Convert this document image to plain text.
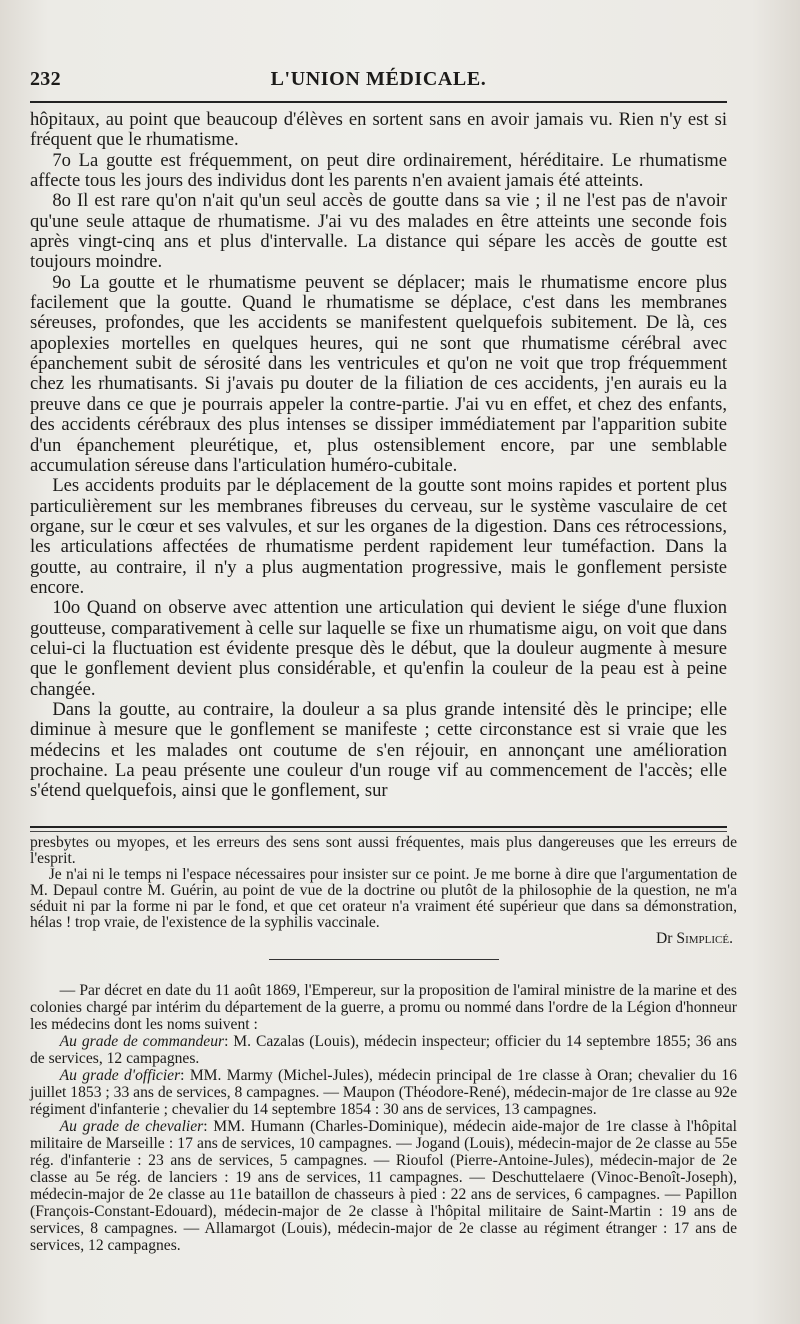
232	L'UNION MÉDICALE.

hôpitaux, au point que beaucoup d'élèves en sortent sans en avoir jamais vu. Rien n'y est si fréquent que le rhumatisme.

7o La goutte est fréquemment, on peut dire ordinairement, héréditaire. Le rhumatisme affecte tous les jours des individus dont les parents n'en avaient jamais été atteints.

8o Il est rare qu'on n'ait qu'un seul accès de goutte dans sa vie ; il ne l'est pas de n'avoir qu'une seule attaque de rhumatisme. J'ai vu des malades en être atteints une seconde fois après vingt-cinq ans et plus d'intervalle. La distance qui sépare les accès de goutte est toujours moindre.

9o La goutte et le rhumatisme peuvent se déplacer; mais le rhumatisme encore plus facilement que la goutte. Quand le rhumatisme se déplace, c'est dans les membranes séreuses, profondes, que les accidents se manifestent quelquefois subitement. De là, ces apoplexies mortelles en quelques heures, qui ne sont que rhumatisme cérébral avec épanchement subit de sérosité dans les ventricules et qu'on ne voit que trop fréquemment chez les rhumatisants. Si j'avais pu douter de la filiation de ces accidents, j'en aurais eu la preuve dans ce que je pourrais appeler la contre-partie. J'ai vu en effet, et chez des enfants, des accidents cérébraux des plus intenses se dissiper immédiatement par l'apparition subite d'un épanchement pleurétique, et, plus ostensiblement encore, par une semblable accumulation séreuse dans l'articulation huméro-cubitale.

Les accidents produits par le déplacement de la goutte sont moins rapides et portent plus particulièrement sur les membranes fibreuses du cerveau, sur le système vasculaire de cet organe, sur le cœur et ses valvules, et sur les organes de la digestion. Dans ces rétrocessions, les articulations affectées de rhumatisme perdent rapidement leur tuméfaction. Dans la goutte, au contraire, il n'y a plus augmentation progressive, mais le gonflement persiste encore.

10o Quand on observe avec attention une articulation qui devient le siége d'une fluxion goutteuse, comparativement à celle sur laquelle se fixe un rhumatisme aigu, on voit que dans celui-ci la fluctuation est évidente presque dès le début, que la douleur augmente à mesure que le gonflement devient plus considérable, et qu'enfin la couleur de la peau est à peine changée.

Dans la goutte, au contraire, la douleur a sa plus grande intensité dès le principe; elle diminue à mesure que le gonflement se manifeste ; cette circonstance est si vraie que les médecins et les malades ont coutume de s'en réjouir, en annonçant une amélioration prochaine. La peau présente une couleur d'un rouge vif au commencement de l'accès; elle s'étend quelquefois, ainsi que le gonflement, sur

presbytes ou myopes, et les erreurs des sens sont aussi fréquentes, mais plus dangereuses que les erreurs de l'esprit.

Je n'ai ni le temps ni l'espace nécessaires pour insister sur ce point. Je me borne à dire que l'argumentation de M. Depaul contre M. Guérin, au point de vue de la doctrine ou plutôt de la philosophie de la question, ne m'a séduit ni par la forme ni par le fond, et que cet orateur n'a vraiment été supérieur que dans sa démonstration, hélas ! trop vraie, de l'existence de la syphilis vaccinale.

Dr Simplicé.

— Par décret en date du 11 août 1869, l'Empereur, sur la proposition de l'amiral ministre de la marine et des colonies chargé par intérim du département de la guerre, a promu ou nommé dans l'ordre de la Légion d'honneur les médecins dont les noms suivent :

Au grade de commandeur: M. Cazalas (Louis), médecin inspecteur; officier du 14 septembre 1855; 36 ans de services, 12 campagnes.

Au grade d'officier: MM. Marmy (Michel-Jules), médecin principal de 1re classe à Oran; chevalier du 16 juillet 1853 ; 33 ans de services, 8 campagnes. — Maupon (Théodore-René), médecin-major de 1re classe au 92e régiment d'infanterie ; chevalier du 14 septembre 1854 : 30 ans de services, 13 campagnes.

Au grade de chevalier: MM. Humann (Charles-Dominique), médecin aide-major de 1re classe à l'hôpital militaire de Marseille : 17 ans de services, 10 campagnes. — Jogand (Louis), médecin-major de 2e classe au 55e rég. d'infanterie : 23 ans de services, 5 campagnes. — Rioufol (Pierre-Antoine-Jules), médecin-major de 2e classe au 5e rég. de lanciers : 19 ans de services, 11 campagnes. — Deschuttelaere (Vinoc-Benoît-Joseph), médecin-major de 2e classe au 11e bataillon de chasseurs à pied : 22 ans de services, 6 campagnes. — Papillon (François-Constant-Edouard), médecin-major de 2e classe à l'hôpital militaire de Saint-Martin : 19 ans de services, 8 campagnes. — Allamargot (Louis), médecin-major de 2e classe au régiment étranger : 17 ans de services, 12 campagnes.
